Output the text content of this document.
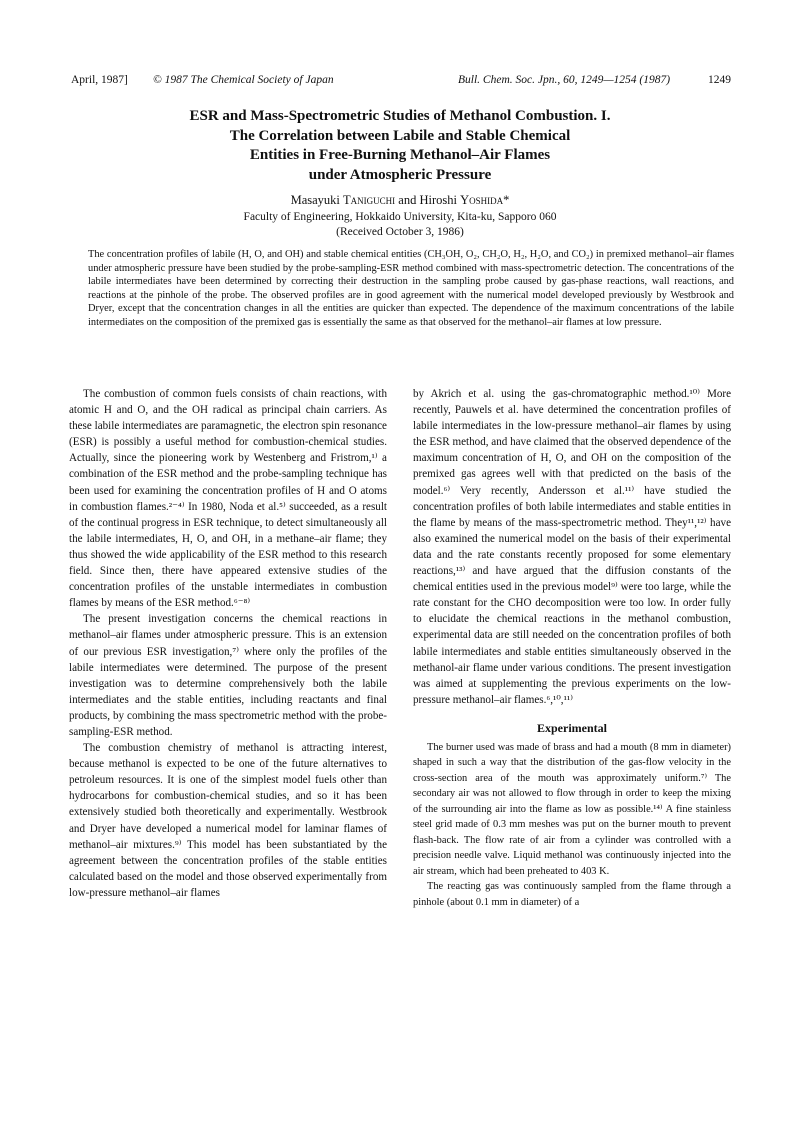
April, 1987] © 1987 The Chemical Society of Japan	Bull. Chem. Soc. Jpn., 60, 1249—1254 (1987)	1249
ESR and Mass-Spectrometric Studies of Methanol Combustion. I.
The Correlation between Labile and Stable Chemical
Entities in Free-Burning Methanol–Air Flames
under Atmospheric Pressure
Masayuki Taniguchi and Hiroshi Yoshida*
Faculty of Engineering, Hokkaido University, Kita-ku, Sapporo 060
(Received October 3, 1986)

The concentration profiles of labile (H, O, and OH) and stable chemical entities (CH₃OH, O₂, CH₂O, H₂, H₂O, and CO₂) in premixed methanol–air flames under atmospheric pressure have been studied by the probe-sampling-ESR method combined with mass-spectrometric detection. The concentrations of the labile intermediates have been determined by correcting their destruction in the sampling probe caused by gas-phase reactions, wall reactions, and reactions at the pinhole of the probe. The observed profiles are in good agreement with the numerical model developed previously by Westbrook and Dryer, except that the concentration changes in all the entities are quicker than expected. The dependence of the maximum concentrations of the labile intermediates on the composition of the premixed gas is essentially the same as that observed for the methanol–air flames at low pressure.

The combustion of common fuels consists of chain reactions, with atomic H and O, and the OH radical as principal chain carriers. As these labile intermediates are paramagnetic, the electron spin resonance (ESR) is possibly a useful method for combustion-chemical studies. Actually, since the pioneering work by Westenberg and Fristrom,¹⁾ a combination of the ESR method and the probe-sampling technique has been used for examining the concentration profiles of H and O atoms in combustion flames.²⁻⁴⁾ In 1980, Noda et al.⁵⁾ succeeded, as a result of the continual progress in ESR technique, to detect simultaneously all the labile intermediates, H, O, and OH, in a methane–air flame; they thus showed the wide applicability of the ESR method to this research field. Since then, there have appeared extensive studies of the concentration profiles of the unstable intermediates in combustion flames by means of the ESR method.⁶⁻⁸⁾

The present investigation concerns the chemical reactions in methanol–air flames under atmospheric pressure. This is an extension of our previous ESR investigation,⁷⁾ where only the profiles of the labile intermediates were determined. The purpose of the present investigation was to determine comprehensively both the labile intermediates and the stable entities, including reactants and final products, by combining the mass spectrometric method with the probe-sampling-ESR method.

The combustion chemistry of methanol is attracting interest, because methanol is expected to be one of the future alternatives to petroleum resources. It is one of the simplest model fuels other than hydrocarbons for combustion-chemical studies, and so it has been extensively studied both theoretically and experimentally. Westbrook and Dryer have developed a numerical model for laminar flames of methanol–air mixtures.⁹⁾ This model has been substantiated by the agreement between the concentration profiles of the stable entities calculated based on the model and those observed experimentally from low-pressure methanol–air flames

by Akrich et al. using the gas-chromatographic method.¹⁰⁾ More recently, Pauwels et al. have determined the concentration profiles of labile intermediates in the low-pressure methanol–air flames by using the ESR method, and have claimed that the observed dependence of the maximum concentration of H, O, and OH on the composition of the premixed gas agrees well with that predicted on the basis of the model.⁶⁾ Very recently, Andersson et al.¹¹⁾ have studied the concentration profiles of both labile intermediates and stable entities in the flame by means of the mass-spectrometric method. They¹¹,¹²⁾ have also examined the numerical model on the basis of their experimental data and the rate constants recently proposed for some elementary reactions,¹³⁾ and have argued that the diffusion constants of the chemical entities used in the previous model⁹⁾ were too large, while the rate constant for the CHO decomposition were too low. In order fully to elucidate the chemical reactions in the methanol combustion, experimental data are still needed on the concentration profiles of both labile intermediates and stable entities simultaneously observed in the methanol-air flame under various conditions. The present investigation was aimed at supplementing the previous experiments on the low-pressure methanol–air flames.⁶,¹⁰,¹¹⁾

Experimental

The burner used was made of brass and had a mouth (8 mm in diameter) shaped in such a way that the distribution of the gas-flow velocity in the cross-section area of the mouth was approximately uniform.⁷⁾ The secondary air was not allowed to flow through in order to keep the mixing of the surrounding air into the flame as low as possible.¹⁴⁾ A fine stainless steel grid made of 0.3 mm meshes was put on the burner mouth to prevent flash-back. The flow rate of air from a cylinder was controlled with a precision needle valve. Liquid methanol was continuously injected into the air stream, which had been preheated to 403 K.

The reacting gas was continuously sampled from the flame through a pinhole (about 0.1 mm in diameter) of a
